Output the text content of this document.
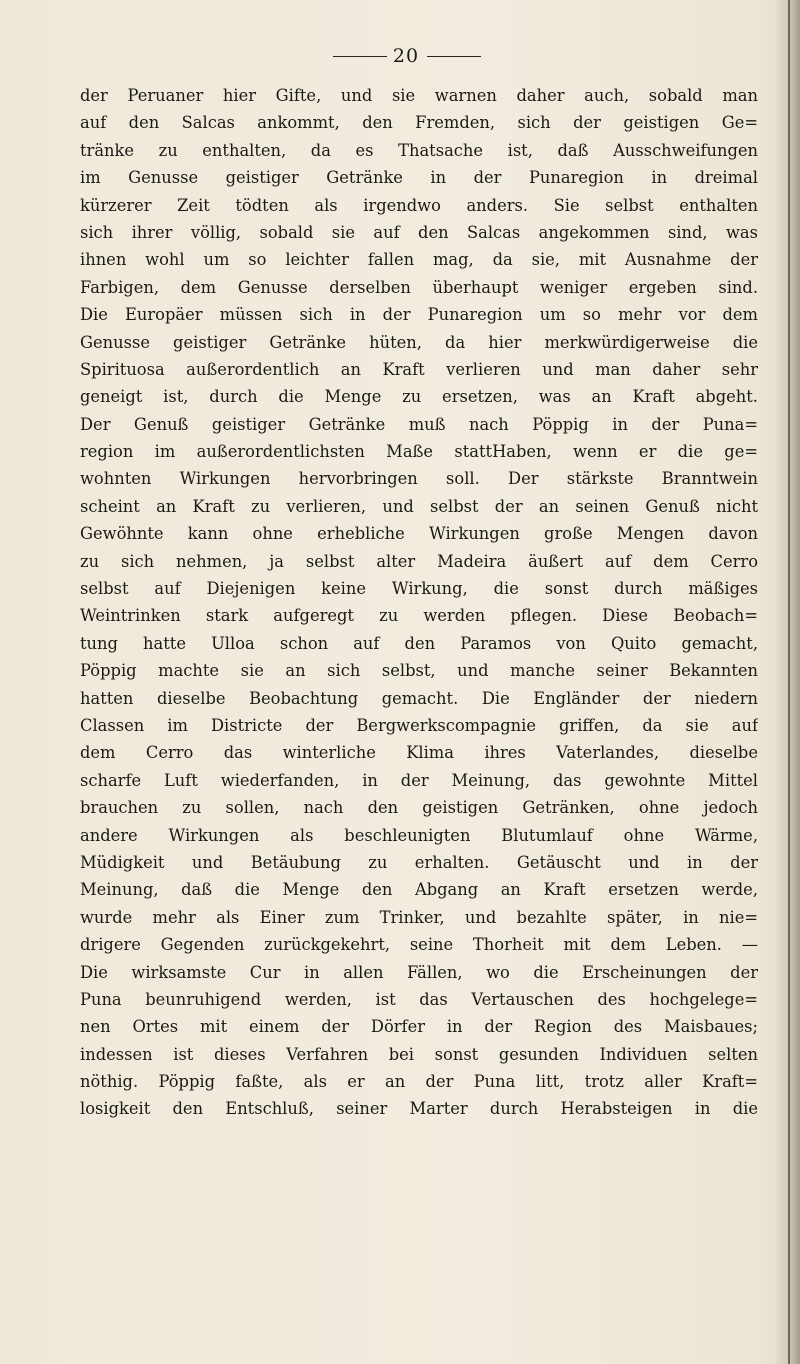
20
der Peruaner hier Gifte, und sie warnen daher auch, sobald man
auf den Salcas ankommt, den Fremden, sich der geistigen Ge=
tränke zu enthalten, da es Thatsache ist, daß Ausschweifungen
im Genusse geistiger Getränke in der Punaregion in dreimal
kürzerer Zeit tödten als irgendwo anders. Sie selbst enthalten
sich ihrer völlig, sobald sie auf den Salcas angekommen sind, was
ihnen wohl um so leichter fallen mag, da sie, mit Ausnahme der
Farbigen, dem Genusse derselben überhaupt weniger ergeben sind.
Die Europäer müssen sich in der Punaregion um so mehr vor dem
Genusse geistiger Getränke hüten, da hier merkwürdigerweise die
Spirituosa außerordentlich an Kraft verlieren und man daher sehr
geneigt ist, durch die Menge zu ersetzen, was an Kraft abgeht.
Der Genuß geistiger Getränke muß nach Pöppig in der Puna=
region im außerordentlichsten Maße stattHaben, wenn er die ge=
wohnten Wirkungen hervorbringen soll. Der stärkste Branntwein
scheint an Kraft zu verlieren, und selbst der an seinen Genuß nicht
Gewöhnte kann ohne erhebliche Wirkungen große Mengen davon
zu sich nehmen, ja selbst alter Madeira äußert auf dem Cerro
selbst auf Diejenigen keine Wirkung, die sonst durch mäßiges
Weintrinken stark aufgeregt zu werden pflegen. Diese Beobach=
tung hatte Ulloa schon auf den Paramos von Quito gemacht,
Pöppig machte sie an sich selbst, und manche seiner Bekannten
hatten dieselbe Beobachtung gemacht. Die Engländer der niedern
Classen im Districte der Bergwerkscompagnie griffen, da sie auf
dem Cerro das winterliche Klima ihres Vaterlandes, dieselbe
scharfe Luft wiederfanden, in der Meinung, das gewohnte Mittel
brauchen zu sollen, nach den geistigen Getränken, ohne jedoch
andere Wirkungen als beschleunigten Blutumlauf ohne Wärme,
Müdigkeit und Betäubung zu erhalten. Getäuscht und in der
Meinung, daß die Menge den Abgang an Kraft ersetzen werde,
wurde mehr als Einer zum Trinker, und bezahlte später, in nie=
drigere Gegenden zurückgekehrt, seine Thorheit mit dem Leben. —
Die wirksamste Cur in allen Fällen, wo die Erscheinungen der
Puna beunruhigend werden, ist das Vertauschen des hochgelege=
nen Ortes mit einem der Dörfer in der Region des Maisbaues;
indessen ist dieses Verfahren bei sonst gesunden Individuen selten
nöthig. Pöppig faßte, als er an der Puna litt, trotz aller Kraft=
losigkeit den Entschluß, seiner Marter durch Herabsteigen in die
